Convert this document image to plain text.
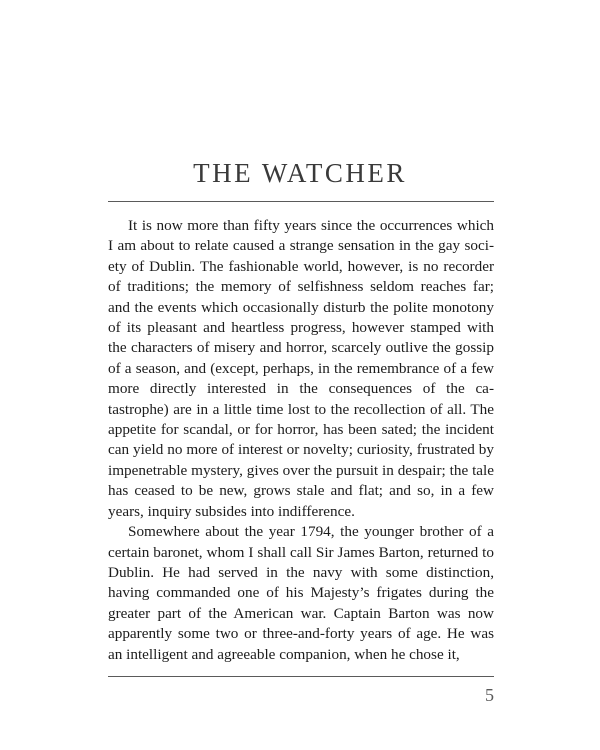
THE WATCHER

It is now more than fifty years since the occurrences which I am about to relate caused a strange sensation in the gay society of Dublin. The fashionable world, however, is no recorder of traditions; the memory of selfishness seldom reaches far; and the events which occasionally disturb the polite monotony of its pleasant and heartless progress, however stamped with the characters of misery and horror, scarcely outlive the gossip of a season, and (except, perhaps, in the remembrance of a few more directly interested in the consequences of the catastrophe) are in a little time lost to the recollection of all. The appetite for scandal, or for horror, has been sated; the incident can yield no more of interest or novelty; curiosity, frustrated by impenetrable mystery, gives over the pursuit in despair; the tale has ceased to be new, grows stale and flat; and so, in a few years, inquiry subsides into indifference.

Somewhere about the year 1794, the younger brother of a certain baronet, whom I shall call Sir James Barton, returned to Dublin. He had served in the navy with some distinction, having commanded one of his Majesty’s frigates during the greater part of the American war. Captain Barton was now apparently some two or three-and-forty years of age. He was an intelligent and agreeable companion, when he chose it,

5
